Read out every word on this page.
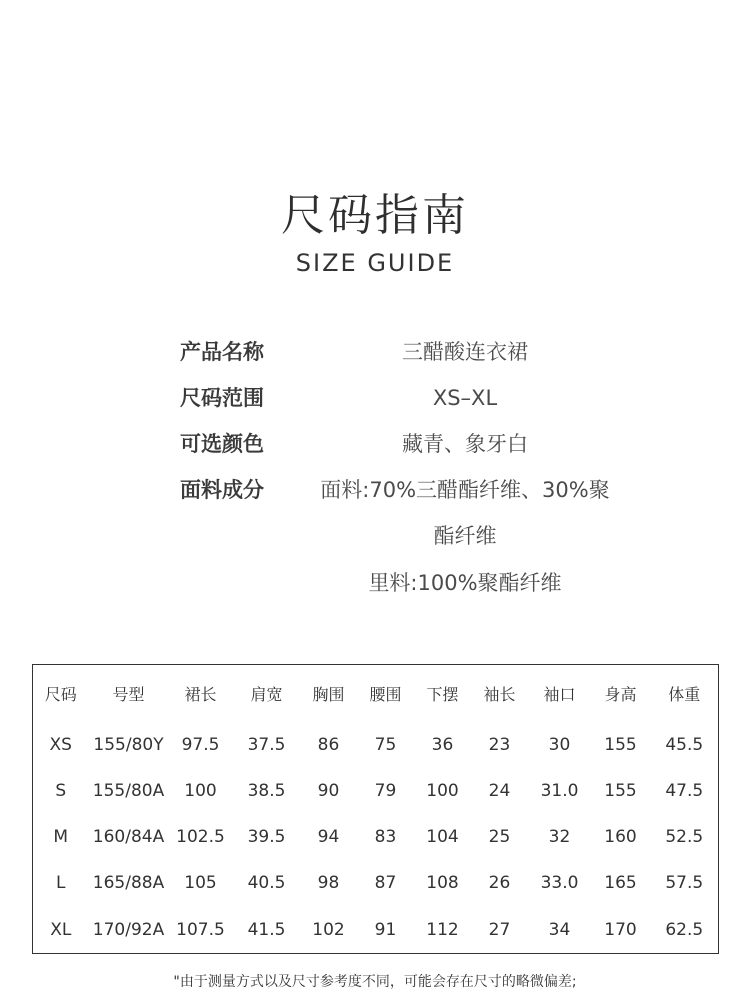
尺码指南
SIZE GUIDE
产品名称	三醋酸连衣裙
尺码范围	XS–XL
可选颜色	藏青、象牙白
面料成分	面料:70%三醋酯纤维、30%聚
酯纤维
里料:100%聚酯纤维
尺码	号型	裙长	肩宽	胸围	腰围	下摆	袖长	袖口	身高	体重
XS	155/80Y	97.5	37.5	86	75	36	23	30	155	45.5
S	155/80A	100	38.5	90	79	100	24	31.0	155	47.5
M	160/84A	102.5	39.5	94	83	104	25	32	160	52.5
L	165/88A	105	40.5	98	87	108	26	33.0	165	57.5
XL	170/92A	107.5	41.5	102	91	112	27	34	170	62.5
"由于测量方式以及尺寸参考度不同，可能会存在尺寸的略微偏差;
